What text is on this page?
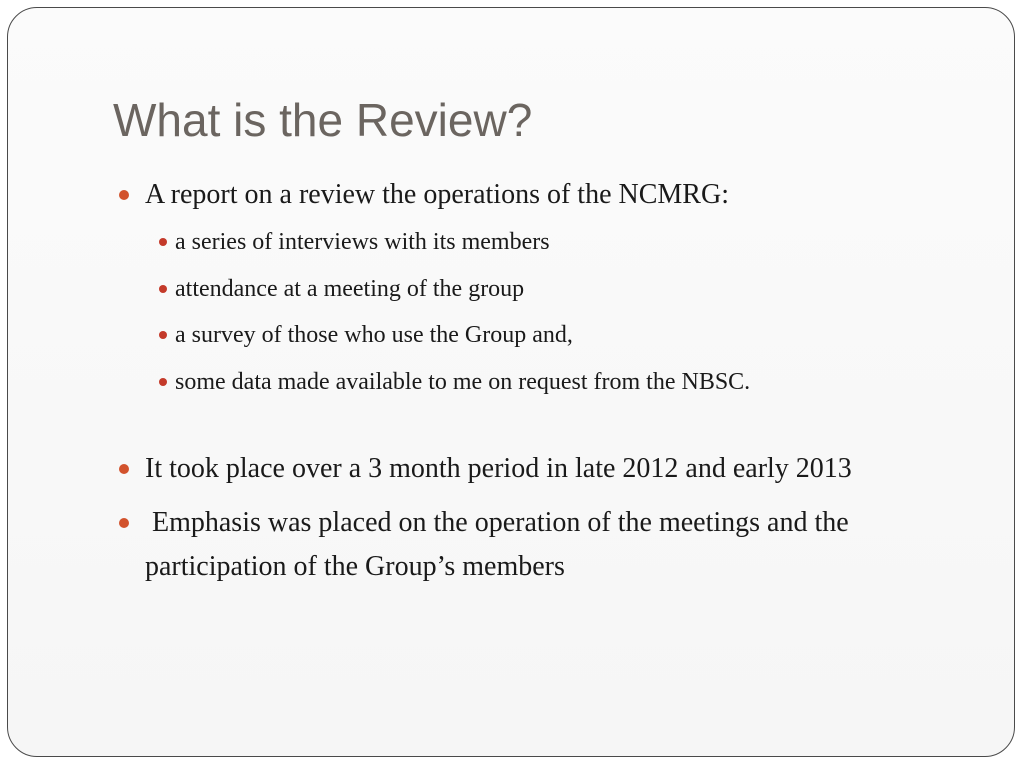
What is the Review?
A report on a review the operations of the NCMRG:
a series of interviews with its members
attendance at a meeting of the group
a survey of those who use the Group and,
some data made available to me on request from the NBSC.
It took place over a 3 month period in late 2012 and early 2013
Emphasis was placed on the operation of the meetings and the participation of the Group’s members
